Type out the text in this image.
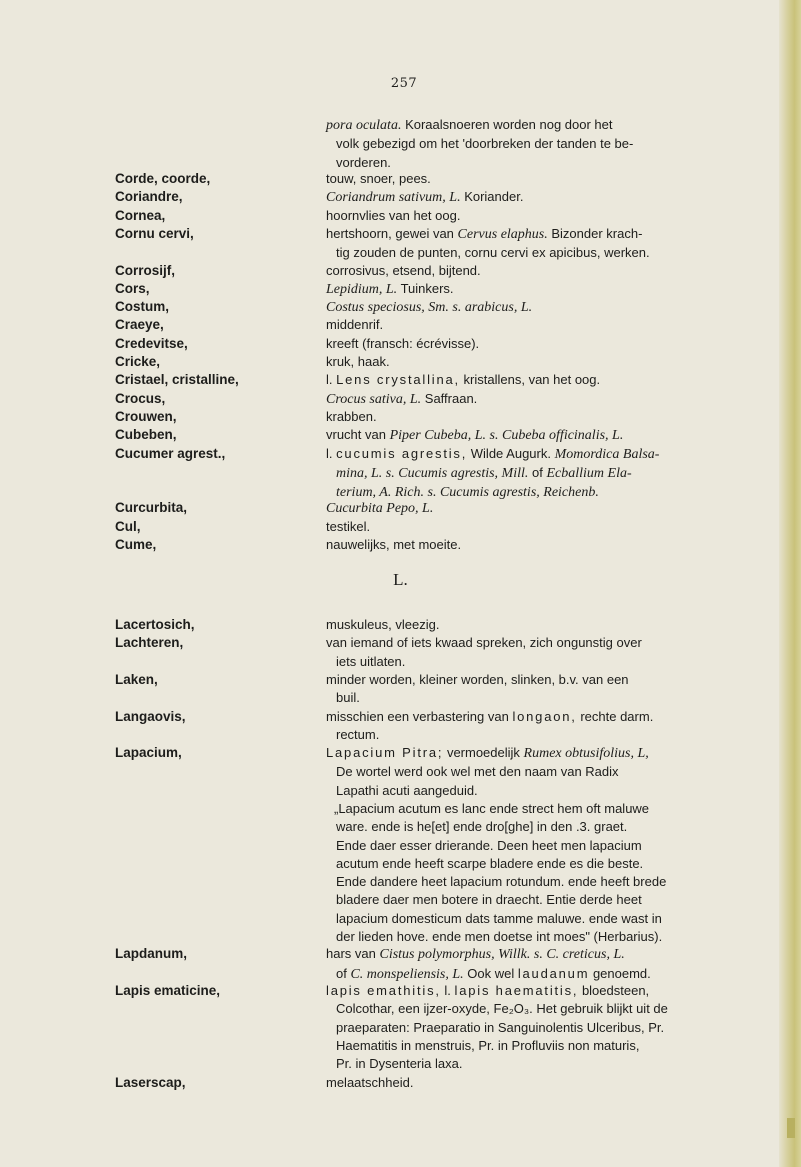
257
pora oculata. Koraalsnoeren worden nog door het
volk gebezigd om het 'doorbreken der tanden te be-
vorderen.
Corde, coorde,	touw, snoer, pees.
Coriandre,	Coriandrum sativum, L. Koriander.
Cornea,	hoornvlies van het oog.
Cornu cervi,	hertshoorn, gewei van Cervus elaphus. Bizonder krach-
tig zouden de punten, cornu cervi ex apicibus, werken.
Corrosijf,	corrosivus, etsend, bijtend.
Cors,	Lepidium, L. Tuinkers.
Costum,	Costus speciosus, Sm. s. arabicus, L.
Craeye,	middenrif.
Credevitse,	kreeft (fransch: écrévisse).
Cricke,	kruk, haak.
Cristael, cristalline,	l. Lens crystallina, kristallens, van het oog.
Crocus,	Crocus sativa, L. Saffraan.
Crouwen,	krabben.
Cubeben,	vrucht van Piper Cubeba, L. s. Cubeba officinalis, L.
Cucumer agrest.,	l. cucumis agrestis, Wilde Augurk. Momordica Balsa-
mina, L. s. Cucumis agrestis, Mill. of Ecballium Ela-
terium, A. Rich. s. Cucumis agrestis, Reichenb.
Curcurbita,	Cucurbita Pepo, L.
Cul,	testikel.
Cume,	nauwelijks, met moeite.
L.
Lacertosich,	muskuleus, vleezig.
Lachteren,	van iemand of iets kwaad spreken, zich ongunstig over
iets uitlaten.
Laken,	minder worden, kleiner worden, slinken, b.v. van een
buil.
Langaovis,	misschien een verbastering van longaon, rechte darm.
rectum.
Lapacium,	Lapacium Pitra; vermoedelijk Rumex obtusifolius, L,
De wortel werd ook wel met den naam van Radix
Lapathi acuti aangeduid.
„Lapacium acutum es lanc ende strect hem oft maluwe
ware. ende is he[et] ende dro[ghe] in den .3. graet.
Ende daer esser drierande. Deen heet men lapacium
acutum ende heeft scarpe bladere ende es die beste.
Ende dandere heet lapacium rotundum. ende heeft brede
bladere daer men botere in draecht. Entie derde heet
lapacium domesticum dats tamme maluwe. ende wast in
der lieden hove. ende men doetse int moes" (Herbarius).
Lapdanum,	hars van Cistus polymorphus, Willk. s. C. creticus, L.
of C. monspeliensis, L. Ook wel laudanum genoemd.
Lapis ematicine,	lapis emathitis, l. lapis haematitis, bloedsteen,
Colcothar, een ijzer-oxyde, Fe₂O₃. Het gebruik blijkt uit de
praeparaten: Praeparatio in Sanguinolentis Ulceribus, Pr.
Haematitis in menstruis, Pr. in Profluviis non maturis,
Pr. in Dysenteria laxa.
Laserscap,	melaatschheid.
